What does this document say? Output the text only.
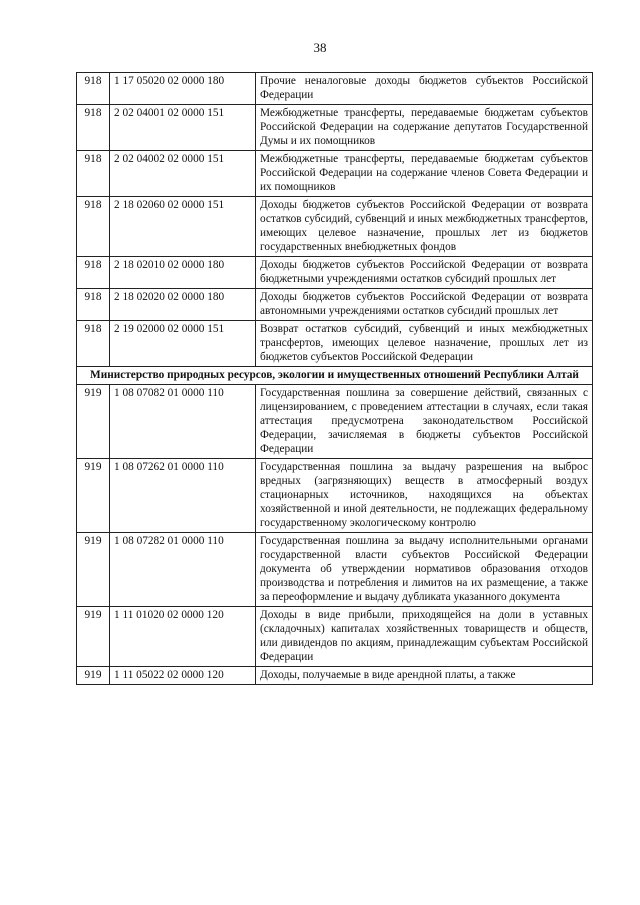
38
918	1 17 05020 02 0000 180	Прочие неналоговые доходы бюджетов субъектов Российской Федерации
918	2 02 04001 02 0000 151	Межбюджетные трансферты, передаваемые бюджетам субъектов Российской Федерации на содержание депутатов Государственной Думы и их помощников
918	2 02 04002 02 0000 151	Межбюджетные трансферты, передаваемые бюджетам субъектов Российской Федерации на содержание членов Совета Федерации и их помощников
918	2 18 02060 02 0000 151	Доходы бюджетов субъектов Российской Федерации от возврата остатков субсидий, субвенций и иных межбюджетных трансфертов, имеющих целевое назначение, прошлых лет из бюджетов государственных внебюджетных фондов
918	2 18 02010 02 0000 180	Доходы бюджетов субъектов Российской Федерации от возврата бюджетными учреждениями остатков субсидий прошлых лет
918	2 18 02020 02 0000 180	Доходы бюджетов субъектов Российской Федерации от возврата автономными учреждениями остатков субсидий прошлых лет
918	2 19 02000 02 0000 151	Возврат остатков субсидий, субвенций и иных межбюджетных трансфертов, имеющих целевое назначение, прошлых лет из бюджетов субъектов Российской Федерации
Министерство природных ресурсов, экологии и имущественных отношений Республики Алтай		
919	1 08 07082 01 0000 110	Государственная пошлина за совершение действий, связанных с лицензированием, с проведением аттестации в случаях, если такая аттестация предусмотрена законодательством Российской Федерации, зачисляемая в бюджеты субъектов Российской Федерации
919	1 08 07262 01 0000 110	Государственная пошлина за выдачу разрешения на выброс вредных (загрязняющих) веществ в атмосферный воздух стационарных источников, находящихся на объектах хозяйственной и иной деятельности, не подлежащих федеральному государственному экологическому контролю
919	1 08 07282 01 0000 110	Государственная пошлина за выдачу исполнительными органами государственной власти субъектов Российской Федерации документа об утверждении нормативов образования отходов производства и потребления и лимитов на их размещение, а также за переоформление и выдачу дубликата указанного документа
919	1 11 01020 02 0000 120	Доходы в виде прибыли, приходящейся на доли в уставных (складочных) капиталах хозяйственных товариществ и обществ, или дивидендов по акциям, принадлежащим субъектам Российской Федерации
919	1 11 05022 02 0000 120	Доходы, получаемые в виде арендной платы, а также
